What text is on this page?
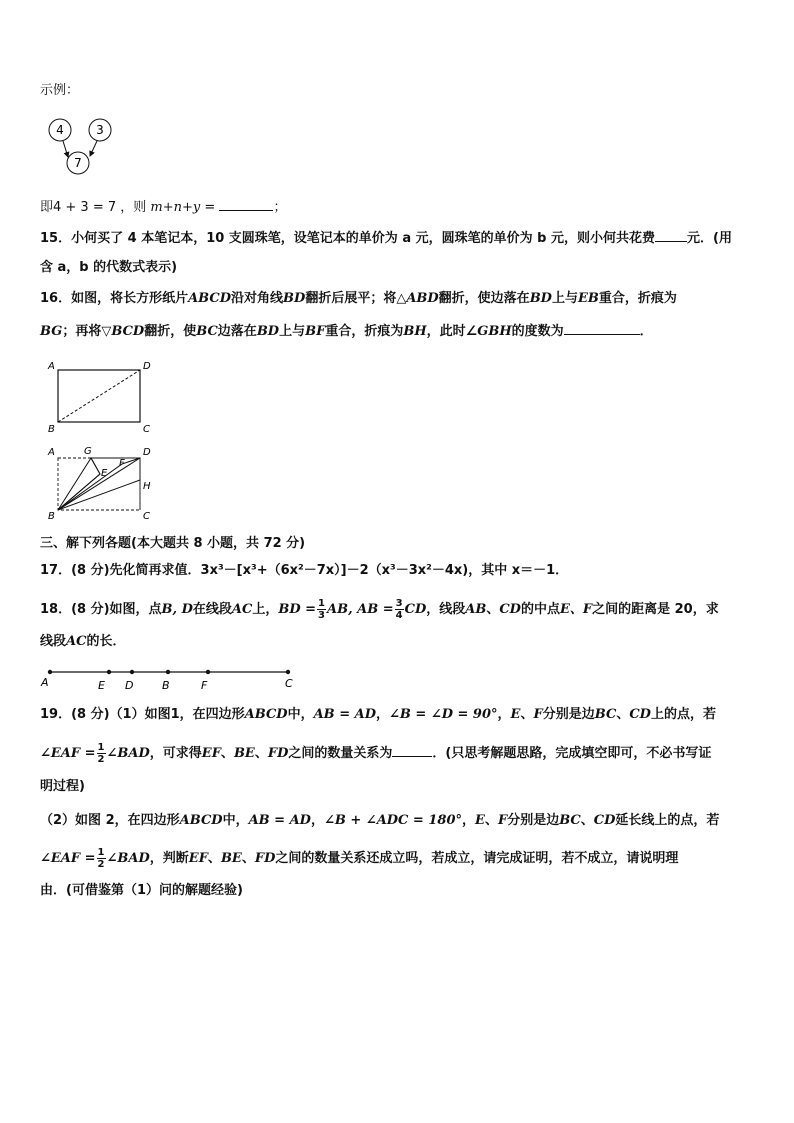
示例：
4	3
7
即4 + 3 = 7 ，则 m+n+y =	；
15．小何买了 4 本笔记本，10 支圆珠笔，设笔记本的单价为 a 元，圆珠笔的单价为 b 元，则小何共花费 元．(用
含 a，b 的代数式表示)
16．如图，将长方形纸片ABCD沿对角线BD翻折后展平；将△ABD翻折，使边落在BD上与EB重合，折痕为
BG；再将▽BCD翻折，使BC边落在BD上与BF重合，折痕为BH，此时∠GBH的度数为	．
A	D
B	C
A	G	D
F
E
H
B	C
三、解下列各题(本大题共 8 小题，共 72 分)
17．(8 分)先化简再求值．3x³－[x³+（6x²－7x）]－2（x³－3x²－4x)，其中 x＝－1．
18．(8 分)如图，点B, D在线段AC上，BD = $\frac{1}{3}$ AB, AB = $\frac{3}{4}$ CD，线段AB、CD的中点E、F之间的距离是 20，求
线段AC的长．
A	E D	B	F	C
19．(8 分)（1）如图1，在四边形ABCD中，AB = AD，∠B = ∠D = 90°，E、F分别是边BC、CD上的点，若
∠EAF = $\frac{1}{2}$ ∠BAD，可求得EF、BE、FD之间的数量关系为	．(只思考解题思路，完成填空即可，不必书写证
明过程)
（2）如图 2，在四边形ABCD中，AB = AD，∠B + ∠ADC = 180°，E、F分别是边BC、CD延长线上的点，若
∠EAF = $\frac{1}{2}$ ∠BAD，判断EF、BE、FD之间的数量关系还成立吗，若成立，请完成证明，若不成立，请说明理
由．(可借鉴第（1）问的解题经验)
